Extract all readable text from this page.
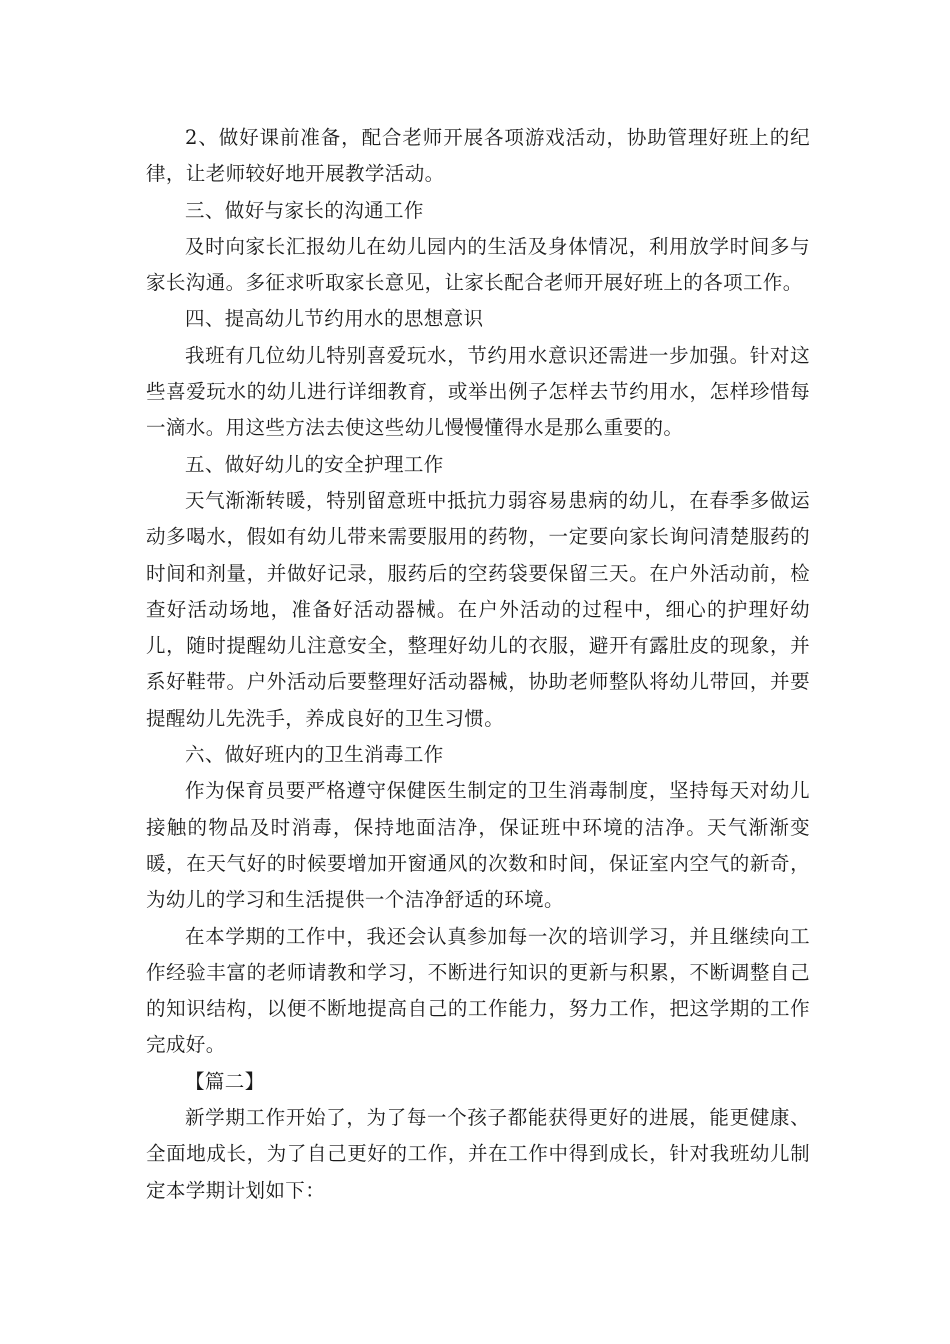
2、做好课前准备，配合老师开展各项游戏活动，协助管理好班上的纪律，让老师较好地开展教学活动。

三、做好与家长的沟通工作

及时向家长汇报幼儿在幼儿园内的生活及身体情况，利用放学时间多与家长沟通。多征求听取家长意见，让家长配合老师开展好班上的各项工作。

四、提高幼儿节约用水的思想意识

我班有几位幼儿特别喜爱玩水，节约用水意识还需进一步加强。针对这些喜爱玩水的幼儿进行详细教育，或举出例子怎样去节约用水，怎样珍惜每一滴水。用这些方法去使这些幼儿慢慢懂得水是那么重要的。

五、做好幼儿的安全护理工作

天气渐渐转暖，特别留意班中抵抗力弱容易患病的幼儿，在春季多做运动多喝水，假如有幼儿带来需要服用的药物，一定要向家长询问清楚服药的时间和剂量，并做好记录，服药后的空药袋要保留三天。在户外活动前，检查好活动场地，准备好活动器械。在户外活动的过程中，细心的护理好幼儿，随时提醒幼儿注意安全，整理好幼儿的衣服，避开有露肚皮的现象，并系好鞋带。户外活动后要整理好活动器械，协助老师整队将幼儿带回，并要提醒幼儿先洗手，养成良好的卫生习惯。

六、做好班内的卫生消毒工作

作为保育员要严格遵守保健医生制定的卫生消毒制度，坚持每天对幼儿接触的物品及时消毒，保持地面洁净，保证班中环境的洁净。天气渐渐变暖，在天气好的时候要增加开窗通风的次数和时间，保证室内空气的新奇，为幼儿的学习和生活提供一个洁净舒适的环境。

在本学期的工作中，我还会认真参加每一次的培训学习，并且继续向工作经验丰富的老师请教和学习，不断进行知识的更新与积累，不断调整自己的知识结构，以便不断地提高自己的工作能力，努力工作，把这学期的工作完成好。

【篇二】

新学期工作开始了，为了每一个孩子都能获得更好的进展，能更健康、全面地成长，为了自己更好的工作，并在工作中得到成长，针对我班幼儿制定本学期计划如下：
